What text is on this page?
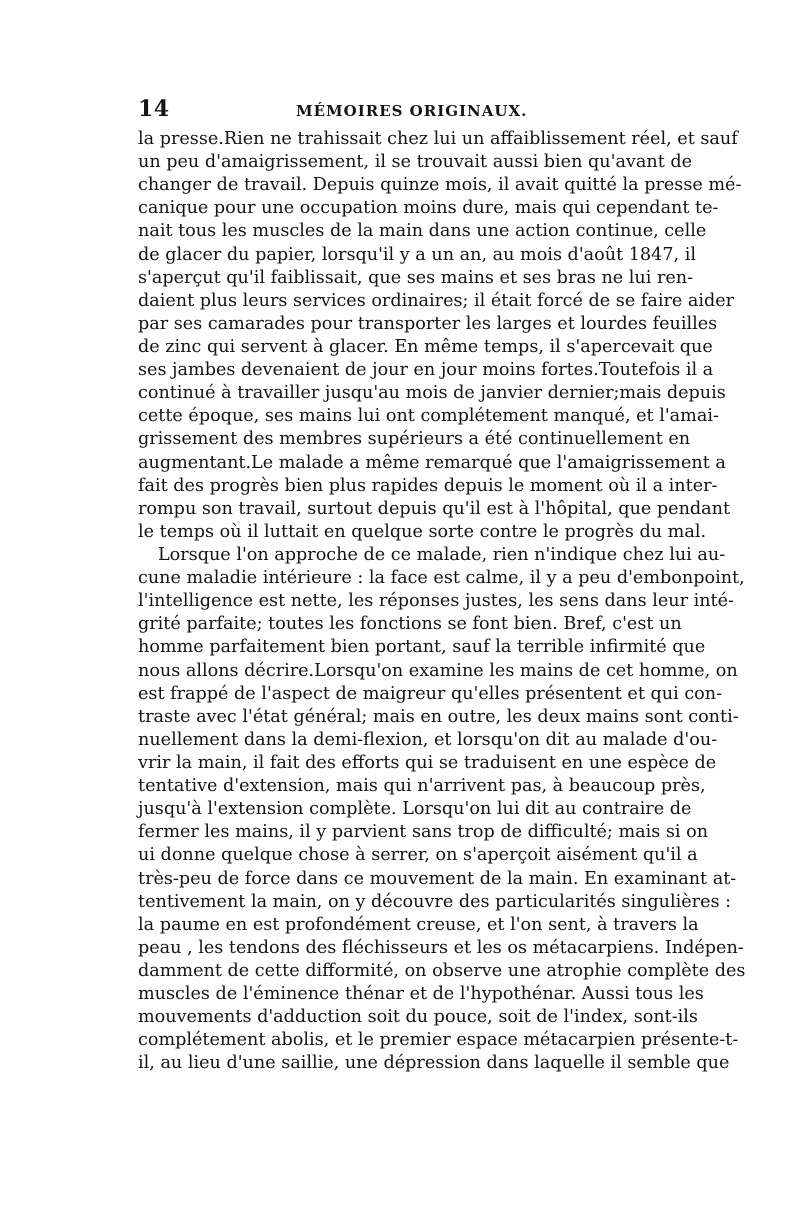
14	MÉMOIRES ORIGINAUX.
la presse.Rien ne trahissait chez lui un affaiblissement réel, et sauf
un peu d'amaigrissement, il se trouvait aussi bien qu'avant de
changer de travail. Depuis quinze mois, il avait quitté la presse mé-
canique pour une occupation moins dure, mais qui cependant te-
nait tous les muscles de la main dans une action continue, celle
de glacer du papier, lorsqu'il y a un an, au mois d'août 1847, il
s'aperçut qu'il faiblissait, que ses mains et ses bras ne lui ren-
daient plus leurs services ordinaires; il était forcé de se faire aider
par ses camarades pour transporter les larges et lourdes feuilles
de zinc qui servent à glacer. En même temps, il s'apercevait que
ses jambes devenaient de jour en jour moins fortes.Toutefois il a
continué à travailler jusqu'au mois de janvier dernier;mais depuis
cette époque, ses mains lui ont complétement manqué, et l'amai-
grissement des membres supérieurs a été continuellement en
augmentant.Le malade a même remarqué que l'amaigrissement a
fait des progrès bien plus rapides depuis le moment où il a inter-
rompu son travail, surtout depuis qu'il est à l'hôpital, que pendant
le temps où il luttait en quelque sorte contre le progrès du mal.
Lorsque l'on approche de ce malade, rien n'indique chez lui au-
cune maladie intérieure : la face est calme, il y a peu d'embonpoint,
l'intelligence est nette, les réponses justes, les sens dans leur inté-
grité parfaite; toutes les fonctions se font bien. Bref, c'est un
homme parfaitement bien portant, sauf la terrible infirmité que
nous allons décrire.Lorsqu'on examine les mains de cet homme, on
est frappé de l'aspect de maigreur qu'elles présentent et qui con-
traste avec l'état général; mais en outre, les deux mains sont conti-
nuellement dans la demi-flexion, et lorsqu'on dit au malade d'ou-
vrir la main, il fait des efforts qui se traduisent en une espèce de
tentative d'extension, mais qui n'arrivent pas, à beaucoup près,
jusqu'à l'extension complète. Lorsqu'on lui dit au contraire de
fermer les mains, il y parvient sans trop de difficulté; mais si on
ui donne quelque chose à serrer, on s'aperçoit aisément qu'il a
très-peu de force dans ce mouvement de la main. En examinant at-
tentivement la main, on y découvre des particularités singulières :
la paume en est profondément creuse, et l'on sent, à travers la
peau , les tendons des fléchisseurs et les os métacarpiens. Indépen-
damment de cette difformité, on observe une atrophie complète des
muscles de l'éminence thénar et de l'hypothénar. Aussi tous les
mouvements d'adduction soit du pouce, soit de l'index, sont-ils
complétement abolis, et le premier espace métacarpien présente-t-
il, au lieu d'une saillie, une dépression dans laquelle il semble que
